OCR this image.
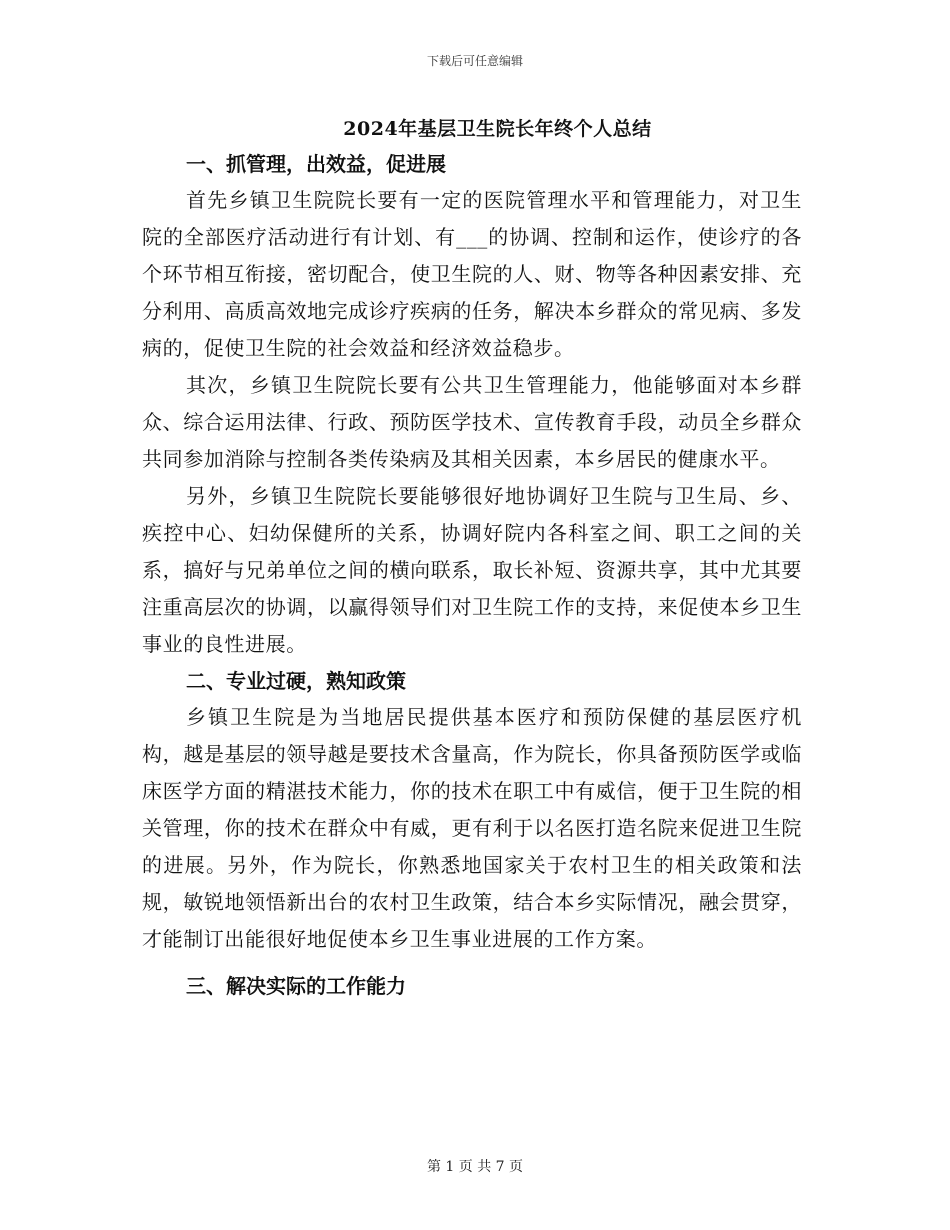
下载后可任意编辑
2024年基层卫生院长年终个人总结
一、抓管理，出效益，促进展
首先乡镇卫生院院长要有一定的医院管理水平和管理能力，对卫生院的全部医疗活动进行有计划、有___的协调、控制和运作，使诊疗的各个环节相互衔接，密切配合，使卫生院的人、财、物等各种因素安排、充分利用、高质高效地完成诊疗疾病的任务，解决本乡群众的常见病、多发病的，促使卫生院的社会效益和经济效益稳步。
其次，乡镇卫生院院长要有公共卫生管理能力，他能够面对本乡群众、综合运用法律、行政、预防医学技术、宣传教育手段，动员全乡群众共同参加消除与控制各类传染病及其相关因素，本乡居民的健康水平。
另外，乡镇卫生院院长要能够很好地协调好卫生院与卫生局、乡、疾控中心、妇幼保健所的关系，协调好院内各科室之间、职工之间的关系，搞好与兄弟单位之间的横向联系，取长补短、资源共享，其中尤其要注重高层次的协调，以赢得领导们对卫生院工作的支持，来促使本乡卫生事业的良性进展。
二、专业过硬，熟知政策
乡镇卫生院是为当地居民提供基本医疗和预防保健的基层医疗机构，越是基层的领导越是要技术含量高，作为院长，你具备预防医学或临床医学方面的精湛技术能力，你的技术在职工中有威信，便于卫生院的相关管理，你的技术在群众中有威，更有利于以名医打造名院来促进卫生院的进展。另外，作为院长，你熟悉地国家关于农村卫生的相关政策和法规，敏锐地领悟新出台的农村卫生政策，结合本乡实际情况，融会贯穿，才能制订出能很好地促使本乡卫生事业进展的工作方案。
三、解决实际的工作能力
第 1 页 共 7 页
